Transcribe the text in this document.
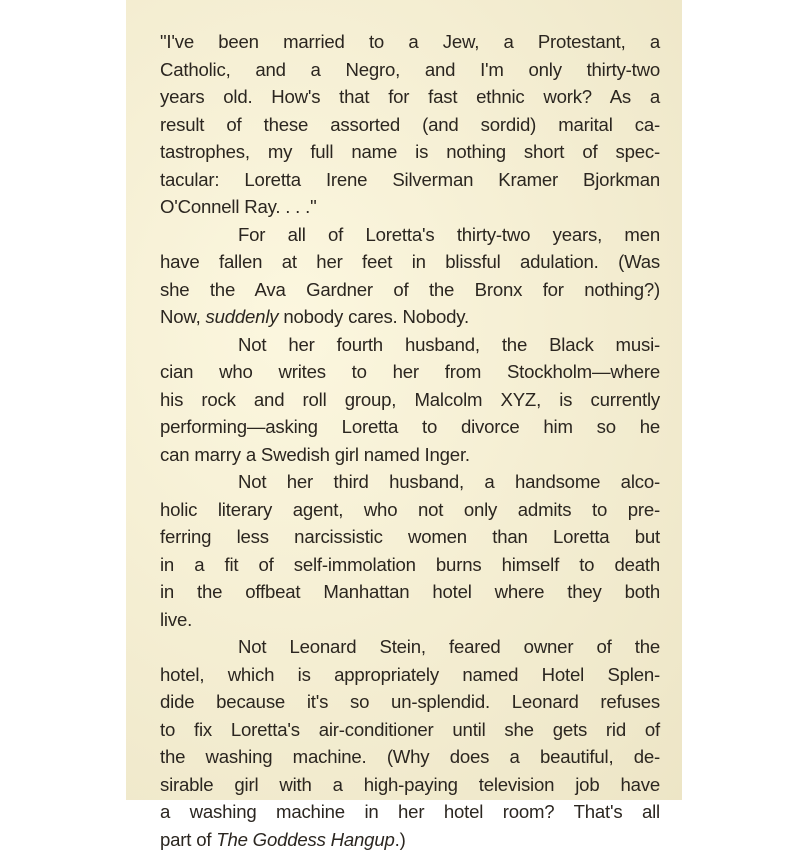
"I've been married to a Jew, a Protestant, a
Catholic, and a Negro, and I'm only thirty-two
years old. How's that for fast ethnic work? As a
result of these assorted (and sordid) marital ca-
tastrophes, my full name is nothing short of spec-
tacular: Loretta Irene Silverman Kramer Bjorkman
O'Connell Ray. . . ."
For all of Loretta's thirty-two years, men
have fallen at her feet in blissful adulation. (Was
she the Ava Gardner of the Bronx for nothing?)
Now, suddenly nobody cares. Nobody.
Not her fourth husband, the Black musi-
cian who writes to her from Stockholm—where
his rock and roll group, Malcolm XYZ, is currently
performing—asking Loretta to divorce him so he
can marry a Swedish girl named Inger.
Not her third husband, a handsome alco-
holic literary agent, who not only admits to pre-
ferring less narcissistic women than Loretta but
in a fit of self-immolation burns himself to death
in the offbeat Manhattan hotel where they both
live.
Not Leonard Stein, feared owner of the
hotel, which is appropriately named Hotel Splen-
dide because it's so un-splendid. Leonard refuses
to fix Loretta's air-conditioner until she gets rid of
the washing machine. (Why does a beautiful, de-
sirable girl with a high-paying television job have
a washing machine in her hotel room? That's all
part of The Goddess Hangup.)
